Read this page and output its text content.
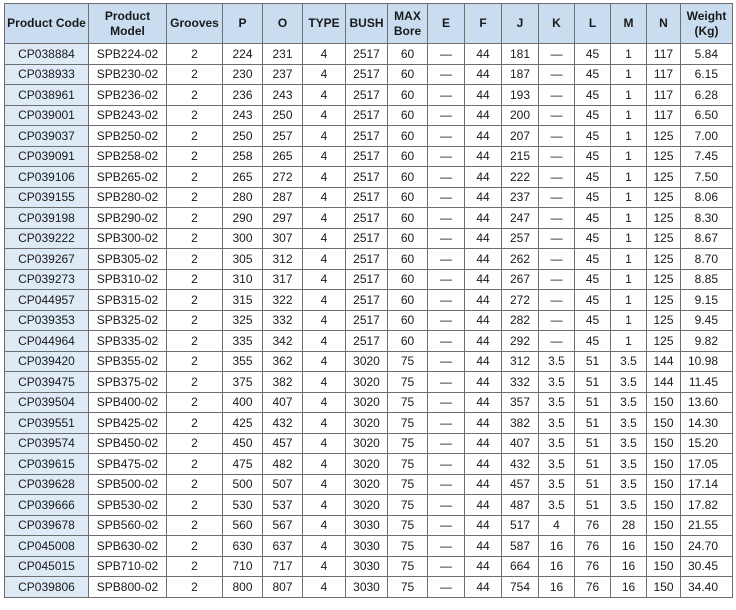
Product Code	Product Model	Grooves	P	O	TYPE	BUSH	MAX Bore	E	F	J	K	L	M	N	Weight (Kg)
CP038884	SPB224-02	2	224	231	4	2517	60	—	44	181	—	45	1	117	5.84
CP038933	SPB230-02	2	230	237	4	2517	60	—	44	187	—	45	1	117	6.15
CP038961	SPB236-02	2	236	243	4	2517	60	—	44	193	—	45	1	117	6.28
CP039001	SPB243-02	2	243	250	4	2517	60	—	44	200	—	45	1	117	6.50
CP039037	SPB250-02	2	250	257	4	2517	60	—	44	207	—	45	1	125	7.00
CP039091	SPB258-02	2	258	265	4	2517	60	—	44	215	—	45	1	125	7.45
CP039106	SPB265-02	2	265	272	4	2517	60	—	44	222	—	45	1	125	7.50
CP039155	SPB280-02	2	280	287	4	2517	60	—	44	237	—	45	1	125	8.06
CP039198	SPB290-02	2	290	297	4	2517	60	—	44	247	—	45	1	125	8.30
CP039222	SPB300-02	2	300	307	4	2517	60	—	44	257	—	45	1	125	8.67
CP039267	SPB305-02	2	305	312	4	2517	60	—	44	262	—	45	1	125	8.70
CP039273	SPB310-02	2	310	317	4	2517	60	—	44	267	—	45	1	125	8.85
CP044957	SPB315-02	2	315	322	4	2517	60	—	44	272	—	45	1	125	9.15
CP039353	SPB325-02	2	325	332	4	2517	60	—	44	282	—	45	1	125	9.45
CP044964	SPB335-02	2	335	342	4	2517	60	—	44	292	—	45	1	125	9.82
CP039420	SPB355-02	2	355	362	4	3020	75	—	44	312	3.5	51	3.5	144	10.98
CP039475	SPB375-02	2	375	382	4	3020	75	—	44	332	3.5	51	3.5	144	11.45
CP039504	SPB400-02	2	400	407	4	3020	75	—	44	357	3.5	51	3.5	150	13.60
CP039551	SPB425-02	2	425	432	4	3020	75	—	44	382	3.5	51	3.5	150	14.30
CP039574	SPB450-02	2	450	457	4	3020	75	—	44	407	3.5	51	3.5	150	15.20
CP039615	SPB475-02	2	475	482	4	3020	75	—	44	432	3.5	51	3.5	150	17.05
CP039628	SPB500-02	2	500	507	4	3020	75	—	44	457	3.5	51	3.5	150	17.14
CP039666	SPB530-02	2	530	537	4	3020	75	—	44	487	3.5	51	3.5	150	17.82
CP039678	SPB560-02	2	560	567	4	3030	75	—	44	517	4	76	28	150	21.55
CP045008	SPB630-02	2	630	637	4	3030	75	—	44	587	16	76	16	150	24.70
CP045015	SPB710-02	2	710	717	4	3030	75	—	44	664	16	76	16	150	30.45
CP039806	SPB800-02	2	800	807	4	3030	75	—	44	754	16	76	16	150	34.40
